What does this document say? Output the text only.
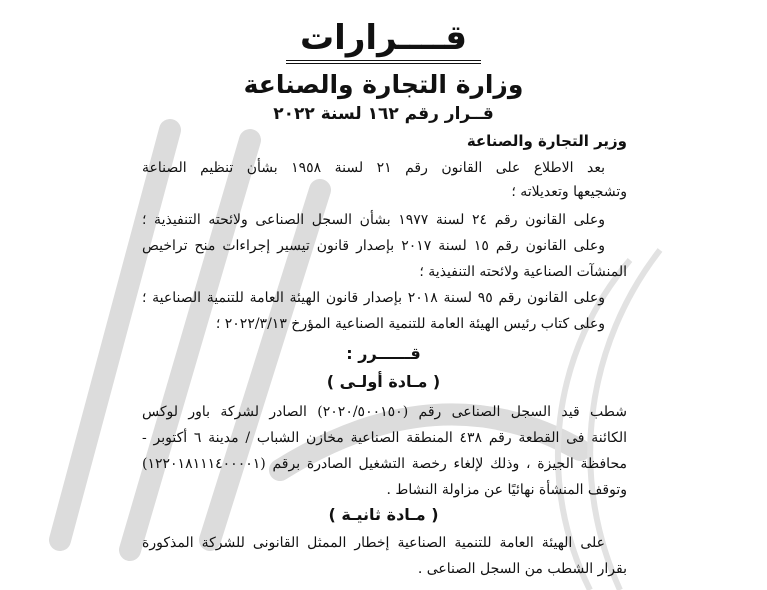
قــــرارات
وزارة التجارة والصناعة
قــرار رقم ١٦٢ لسنة ٢٠٢٢
وزير التجارة والصناعة
بعد الاطلاع على القانون رقم ٢١ لسنة ١٩٥٨ بشأن تنظيم الصناعة
وتشجيعها وتعديلاته ؛
وعلى القانون رقم ٢٤ لسنة ١٩٧٧ بشأن السجل الصناعى ولائحته التنفيذية ؛
وعلى القانون رقم ١٥ لسنة ٢٠١٧ بإصدار قانون تيسير إجراءات منح تراخيص
المنشآت الصناعية ولائحته التنفيذية ؛
وعلى القانون رقم ٩٥ لسنة ٢٠١٨ بإصدار قانون الهيئة العامة للتنمية الصناعية ؛
وعلى كتاب رئيس الهيئة العامة للتنمية الصناعية المؤرخ ٢٠٢٢/٣/١٣ ؛
قــــــرر :
( مـادة أولـى )
شطب قيد السجل الصناعى رقم (٢٠٢٠/٥٠٠١٥٠) الصادر لشركة باور لوكس
الكائنة فى القطعة رقم ٤٣٨ المنطقة الصناعية مخازن الشباب / مدينة ٦ أكتوبر -
محافظة الجيزة ، وذلك لإلغاء رخصة التشغيل الصادرة برقم (١٢٢٠١٨١١١٤٠٠٠٠١)
وتوقف المنشأة نهائيًا عن مزاولة النشاط .
( مـادة ثانيـة )
على الهيئة العامة للتنمية الصناعية إخطار الممثل القانونى للشركة المذكورة
بقرار الشطب من السجل الصناعى .
